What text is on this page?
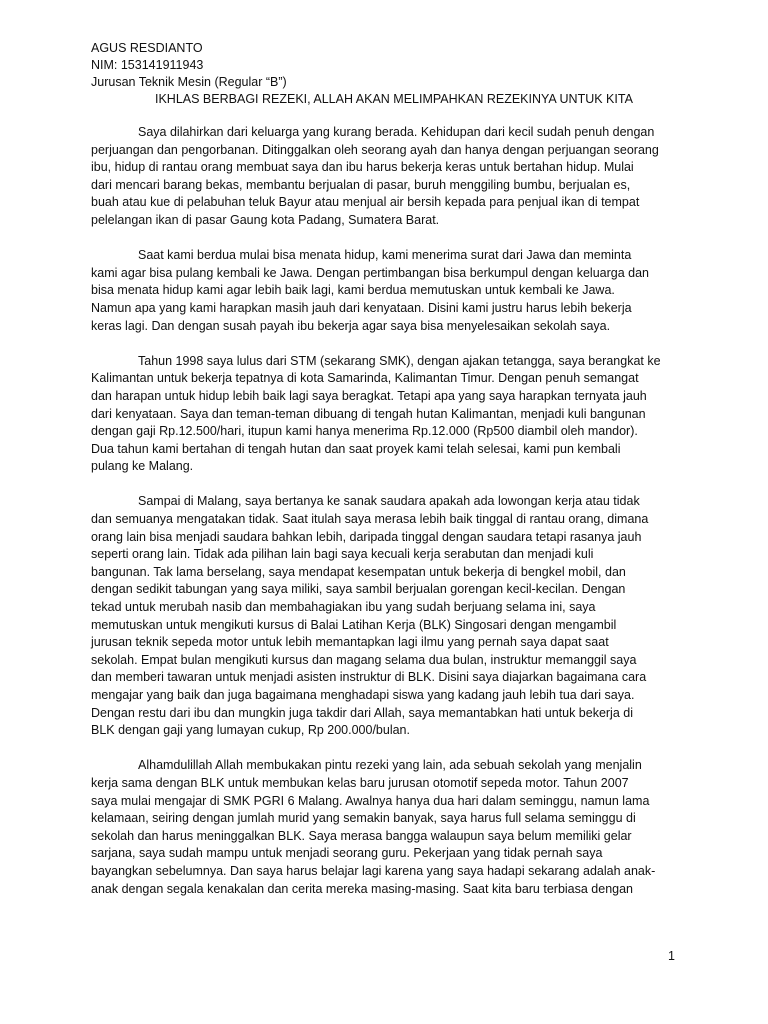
AGUS RESDIANTO
NIM: 153141911943
Jurusan Teknik Mesin (Regular “B”)
IKHLAS BERBAGI REZEKI, ALLAH AKAN MELIMPAHKAN REZEKINYA UNTUK KITA
Saya dilahirkan dari keluarga yang kurang berada. Kehidupan dari kecil sudah penuh dengan
perjuangan dan pengorbanan. Ditinggalkan oleh seorang ayah dan hanya dengan perjuangan seorang
ibu, hidup di rantau orang membuat saya dan ibu harus bekerja keras untuk bertahan hidup. Mulai
dari mencari barang bekas, membantu berjualan di pasar, buruh menggiling bumbu, berjualan es,
buah atau kue di pelabuhan teluk Bayur atau menjual air bersih kepada para penjual ikan di tempat
pelelangan ikan di pasar Gaung kota Padang, Sumatera Barat.
Saat kami berdua mulai bisa menata hidup, kami menerima surat dari Jawa dan meminta
kami agar bisa pulang kembali ke Jawa. Dengan pertimbangan bisa berkumpul dengan keluarga dan
bisa menata hidup kami agar lebih baik lagi, kami berdua memutuskan untuk kembali ke Jawa.
Namun apa yang kami harapkan masih jauh dari kenyataan. Disini kami justru harus lebih bekerja
keras lagi. Dan dengan susah payah ibu bekerja agar saya bisa menyelesaikan sekolah saya.
Tahun 1998 saya lulus dari STM (sekarang SMK), dengan ajakan tetangga, saya berangkat ke
Kalimantan untuk bekerja tepatnya di kota Samarinda, Kalimantan Timur. Dengan penuh semangat
dan harapan untuk hidup lebih baik lagi saya beragkat. Tetapi apa yang saya harapkan ternyata jauh
dari kenyataan. Saya dan teman-teman dibuang di tengah hutan Kalimantan, menjadi kuli bangunan
dengan gaji Rp.12.500/hari, itupun kami hanya menerima Rp.12.000 (Rp500 diambil oleh mandor).
Dua tahun kami bertahan di tengah hutan dan saat proyek kami telah selesai, kami pun kembali
pulang ke Malang.
Sampai di Malang, saya bertanya ke sanak saudara apakah ada lowongan kerja atau tidak
dan semuanya mengatakan tidak. Saat itulah saya merasa lebih baik tinggal di rantau orang, dimana
orang lain bisa menjadi saudara bahkan lebih, daripada tinggal dengan saudara tetapi rasanya jauh
seperti orang lain. Tidak ada pilihan lain bagi saya kecuali kerja serabutan dan menjadi kuli
bangunan. Tak lama berselang, saya mendapat kesempatan untuk bekerja di bengkel mobil, dan
dengan sedikit tabungan yang saya miliki, saya sambil berjualan gorengan kecil-kecilan. Dengan
tekad untuk merubah nasib dan membahagiakan ibu yang sudah berjuang selama ini, saya
memutuskan untuk mengikuti kursus di Balai Latihan Kerja (BLK) Singosari dengan mengambil
jurusan teknik sepeda motor untuk lebih memantapkan lagi ilmu yang pernah saya dapat saat
sekolah. Empat bulan mengikuti kursus dan magang selama dua bulan, instruktur memanggil saya
dan memberi tawaran untuk menjadi asisten instruktur di BLK. Disini saya diajarkan bagaimana cara
mengajar yang baik dan juga bagaimana menghadapi siswa yang kadang jauh lebih tua dari saya.
Dengan restu dari ibu dan mungkin juga takdir dari Allah, saya memantabkan hati untuk bekerja di
BLK dengan gaji yang lumayan cukup, Rp 200.000/bulan.
Alhamdulillah Allah membukakan pintu rezeki yang lain, ada sebuah sekolah yang menjalin
kerja sama dengan BLK untuk membukan kelas baru jurusan otomotif sepeda motor. Tahun 2007
saya mulai mengajar di SMK PGRI 6 Malang. Awalnya hanya dua hari dalam seminggu, namun lama
kelamaan, seiring dengan jumlah murid yang semakin banyak, saya harus full selama seminggu di
sekolah dan harus meninggalkan BLK. Saya merasa bangga walaupun saya belum memiliki gelar
sarjana, saya sudah mampu untuk menjadi seorang guru. Pekerjaan yang tidak pernah saya
bayangkan sebelumnya. Dan saya harus belajar lagi karena yang saya hadapi sekarang adalah anak-
anak dengan segala kenakalan dan cerita mereka masing-masing. Saat kita baru terbiasa dengan
1
